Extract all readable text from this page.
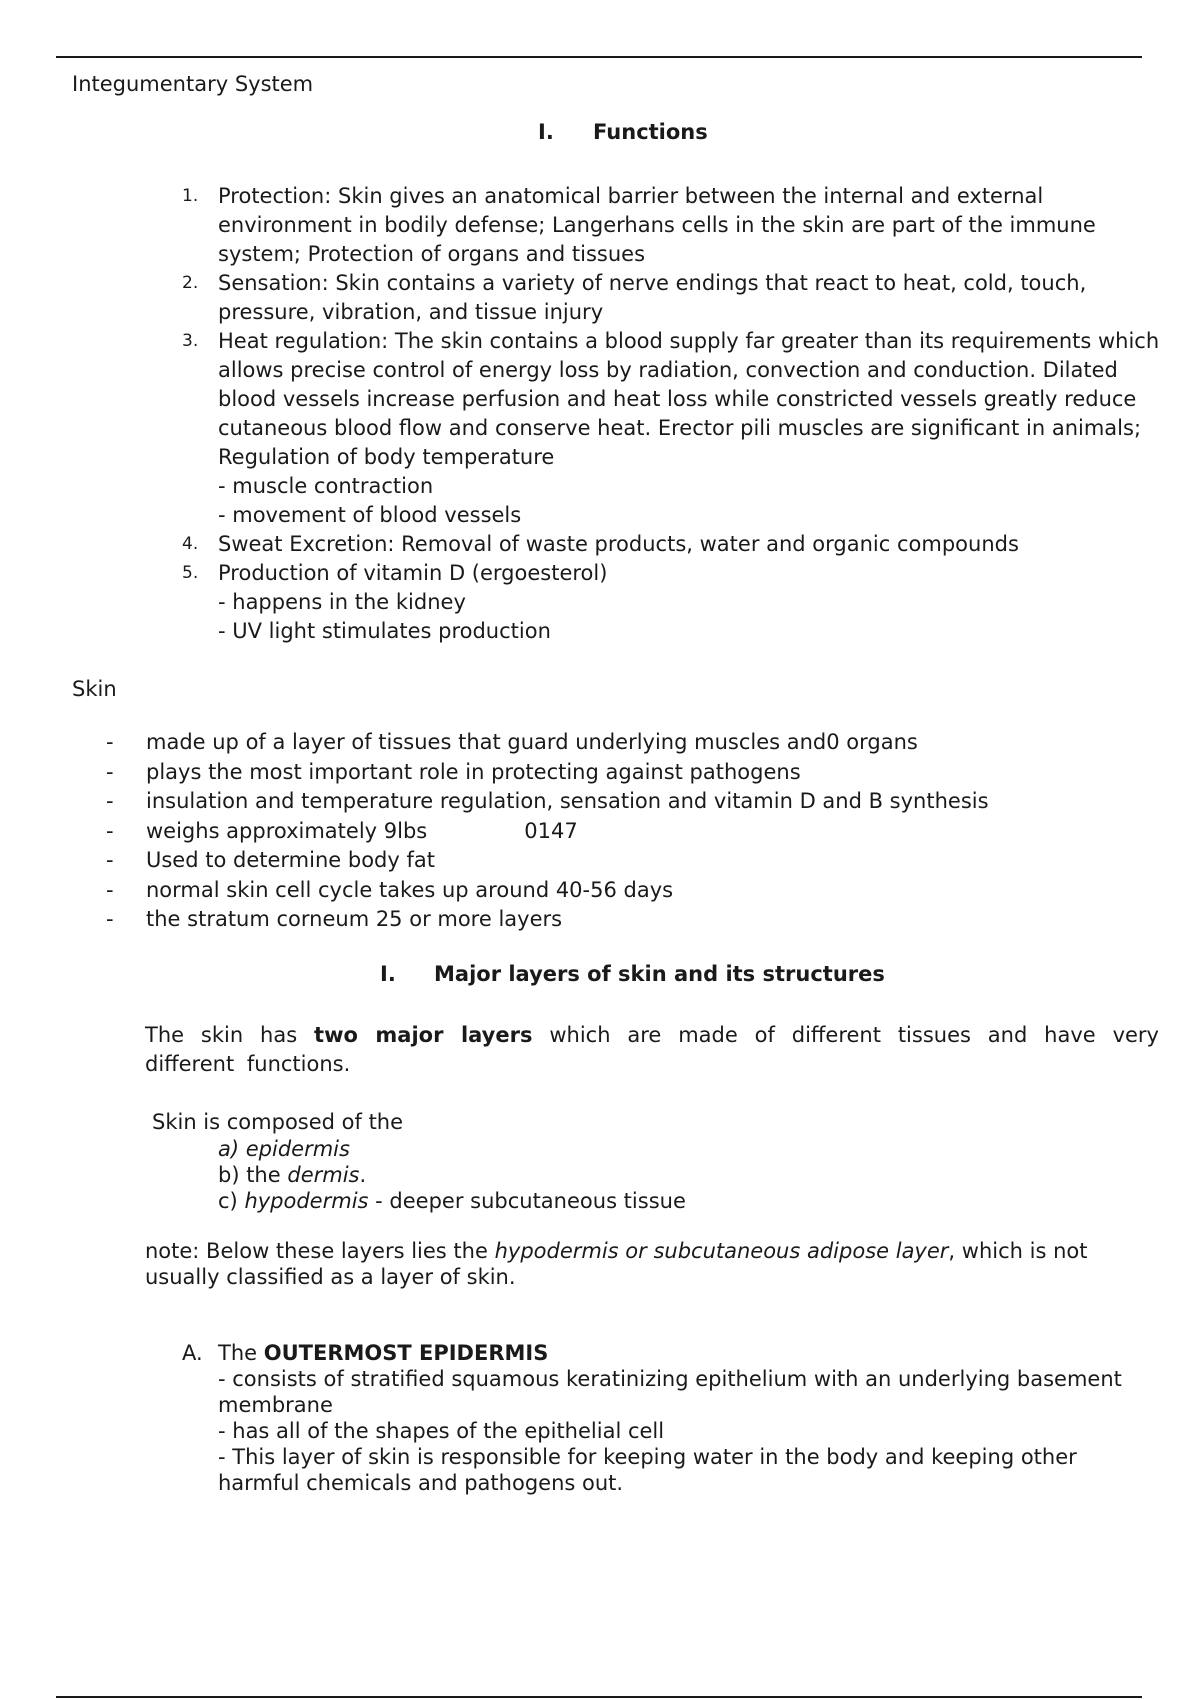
Integumentary System
I.	Functions
1. Protection: Skin gives an anatomical barrier between the internal and external environment in bodily defense; Langerhans cells in the skin are part of the immune system; Protection of organs and tissues
2. Sensation: Skin contains a variety of nerve endings that react to heat, cold, touch, pressure, vibration, and tissue injury
3. Heat regulation: The skin contains a blood supply far greater than its requirements which allows precise control of energy loss by radiation, convection and conduction. Dilated blood vessels increase perfusion and heat loss while constricted vessels greatly reduce cutaneous blood flow and conserve heat. Erector pili muscles are significant in animals; Regulation of body temperature
- muscle contraction
- movement of blood vessels
4. Sweat Excretion: Removal of waste products, water and organic compounds
5. Production of vitamin D (ergoesterol)
- happens in the kidney
- UV light stimulates production
Skin
-	made up of a layer of tissues that guard underlying muscles and0 organs
-	plays the most important role in protecting against pathogens
-	insulation and temperature regulation, sensation and vitamin D and B synthesis
-	weighs approximately 9lbs	0147
-	Used to determine body fat
-	normal skin cell cycle takes up around 40-56 days
-	the stratum corneum 25 or more layers
I.	Major layers of skin and its structures
The skin has two major layers which are made of different tissues and have very different functions.
Skin is composed of the
a) epidermis
b) the dermis.
c) hypodermis - deeper subcutaneous tissue
note: Below these layers lies the hypodermis or subcutaneous adipose layer, which is not usually classified as a layer of skin.
A. The OUTERMOST EPIDERMIS
- consists of stratified squamous keratinizing epithelium with an underlying basement membrane
- has all of the shapes of the epithelial cell
- This layer of skin is responsible for keeping water in the body and keeping other harmful chemicals and pathogens out.
